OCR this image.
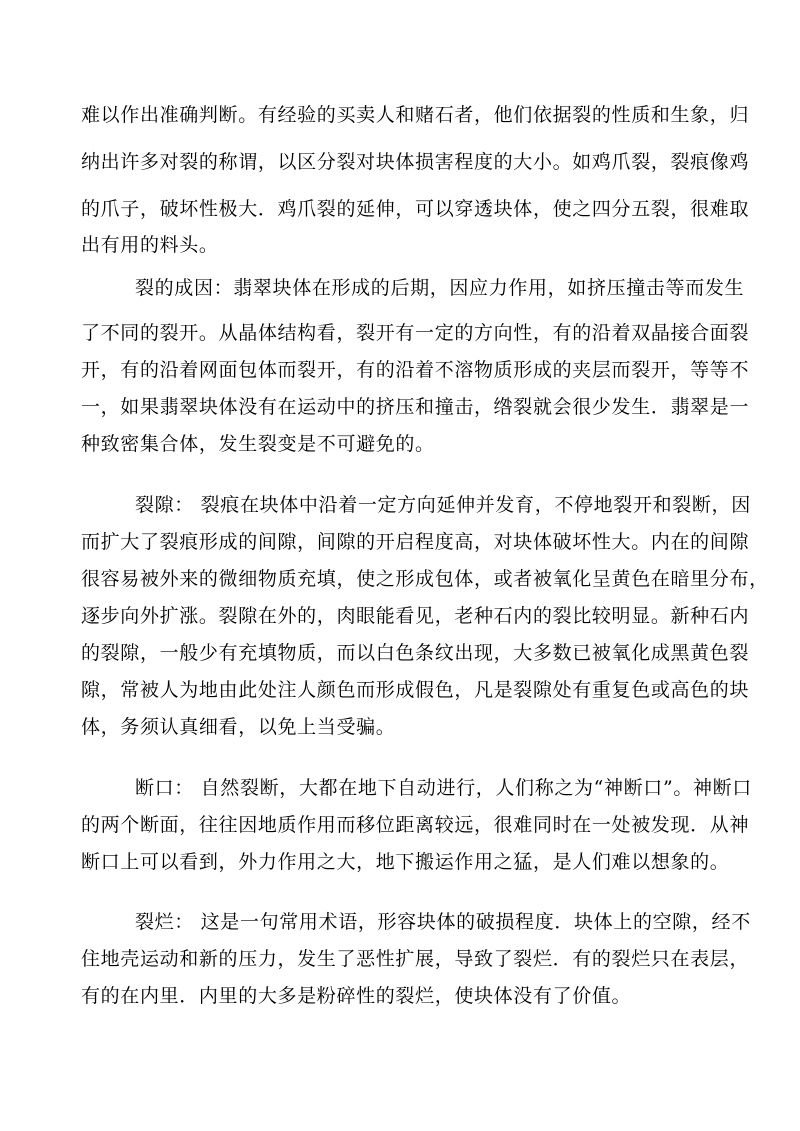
难以作出准确判断。有经验的买卖人和赌石者，他们依据裂的性质和生象，归
纳出许多对裂的称谓，以区分裂对块体损害程度的大小。如鸡爪裂，裂痕像鸡
的爪子，破坏性极大．鸡爪裂的延伸，可以穿透块体，使之四分五裂，很难取
出有用的料头。
裂的成因：翡翠块体在形成的后期，因应力作用，如挤压撞击等而发生
了不同的裂开。从晶体结构看，裂开有一定的方向性，有的沿着双晶接合面裂
开，有的沿着网面包体而裂开，有的沿着不溶物质形成的夹层而裂开，等等不
一，如果翡翠块体没有在运动中的挤压和撞击，绺裂就会很少发生．翡翠是一
种致密集合体，发生裂变是不可避免的。
裂隙： 裂痕在块体中沿着一定方向延伸并发育，不停地裂开和裂断，因
而扩大了裂痕形成的间隙，间隙的开启程度高，对块体破坏性大。内在的间隙
很容易被外来的微细物质充填，使之形成包体，或者被氧化呈黄色在暗里分布，
逐步向外扩涨。裂隙在外的，肉眼能看见，老种石内的裂比较明显。新种石内
的裂隙，一般少有充填物质，而以白色条纹出现，大多数已被氧化成黑黄色裂
隙，常被人为地由此处注人颜色而形成假色，凡是裂隙处有重复色或高色的块
体，务须认真细看，以免上当受骗。
断口： 自然裂断，大都在地下自动进行，人们称之为“神断口”。神断口
的两个断面，往往因地质作用而移位距离较远，很难同时在一处被发现．从神
断口上可以看到，外力作用之大，地下搬运作用之猛，是人们难以想象的。
裂烂： 这是一句常用术语，形容块体的破损程度．块体上的空隙，经不
住地壳运动和新的压力，发生了恶性扩展，导致了裂烂．有的裂烂只在表层，
有的在内里．内里的大多是粉碎性的裂烂，使块体没有了价值。
